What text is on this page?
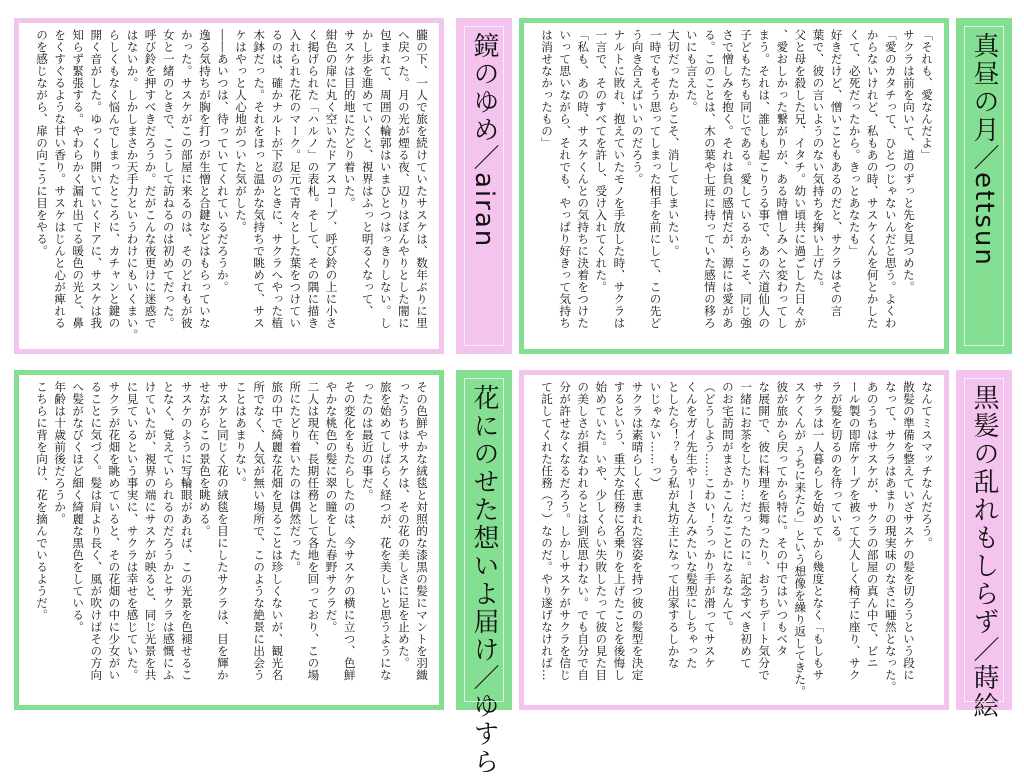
朧の下、一人で旅を続けていたサスケは、数年ぶりに里

へ戻った。月の光が煙る夜、辺りはぼんやりとした闇に

包まれて、周囲の輪郭はいまひとつはっきりしない。し

かし歩を進めていくと、視界はふっと明るくなって、

サスケは目的地にたどり着いた。

紺色の扉に丸く空いたドアスコープ、呼び鈴の上に小さ

く掲げられた「ハルノ」の表札。そして、その隅に描き

入れられた花のマーク。足元で青々とした葉をつけてい

るのは、確かナルトが下忍のときに、サクラへやった植

木鉢だった。それをほっと温かな気持ちで眺めて、サス

ケはやっと人心地がついた気がした。

――あいつは、待っていてくれているだろうか。

逸る気持ちが胸を打つが生憎と合鍵などはもらっていな

かった。サスケがこの部屋に来るのは、そのどれもが彼

女と一緒のときで、こうして訪ねるのは初めてだった。

呼び鈴を押すべきだろうか。だがこんな夜更けに迷惑で

はないか。しかしまさか天手力というわけにもいくまい。

らしくもなく悩んでしまったところに、カチャンと鍵の

開く音がした。ゆっくり開いていくドアに、サスケは我

知らず緊張する。やわらかく漏れ出てる暖色の光と、鼻

をくすぐるような甘い香り。サスケはじんと心が痺れる

のを感じながら、扉の向こうに目をやる。	鏡のゆめ／airan	「それも、愛なんだよ」

サクラは前を向いて、道のずっと先を見つめた。

「愛のカタチって、ひとつじゃないんだと思う。よくわ

からないけれど、私もあの時、サスケくんを何とかした

くて、必死だったから。きっとあなたも」

好きだけど、憎いこともあるのだと、サクラはその言

葉で、彼の言いようのない気持ちを掬い上げた。

父と母を殺した兄、イタチ。幼い頃共に過ごした日々が

、愛おしかった繋がりが、ある時憎しみへと変わってし

まう。それは、誰しも起こりうる事で、あの六道仙人の

子どもたちも同じである。愛しているからこそ、同じ強

さで憎しみを抱く。それは負の感情だが、源には愛があ

る。このことは、木の葉や七班に持っていた感情の移ろ

いにも言えた。

大切だったからこそ、消してしまいたい。

一時でもそう思ってしまった相手を前にして、この先ど

う向き合えばいいのだろう。

ナルトに敗れ、抱えていたモノを手放した時、サクラは

一言で、そのすべてを許し、受け入れてくれた。

「私も、あの時、サスケくんとの気持ちに決着をつけた

いって思いながら、それでも、やっぱり好きって気持ち

は消せなかったもの」	真昼の月／ettsun

その色鮮やかな絨毯と対照的な漆黒の髪にマントを羽織

ったうちはサスケは、その花の美しさに足を止めた。

旅を始めてしばらく経つが、花を美しいと思うようにな

ったのは最近の事だ。

その変化をもたらしたのは、今サスケの横に立つ、色鮮

やかな桃色の髪に翠の瞳をした春野サクラだ。

二人は現在、長期任務として各地を回っており、この場

所にたどり着いたのは偶然だった。

旅の中で綺麗な花畑を見ることは珍しくないが、観光名

所でなく、人気が無い場所で、このような絶景に出会う

ことはあまりない。

サスケと同じく花の絨毯を目にしたサクラは、目を輝か

せながらこの景色を眺める。

サスケのように写輪眼があれば、この光景を色褪せるこ

となく、覚えていられるのだろうかとサクラは感慨にふ

けていたが、視界の端にサスケが映ると、同じ光景を共

に見ているという事実に、サクラは幸せを感じていた。

サクラが花畑を眺めていると、その花畑の中に少女がい

ることに気づく。髪は肩より長く、風が吹けばその方向

へ髪がなびくほど細く綺麗な黒色をしている。

年齢は十歳前後だろうか。

こちらに背を向け、花を摘んでいるようだ。	花にのせた想いよ届け／ゆすら	なんてミスマッチなんだろう。

散髪の準備を整えていざサスケの髪を切ろうという段に

なって、サクラはあまりの現実味のなさに唖然となった。

あのうちはサスケが、サクラの部屋の真ん中で、ビニ

ール製の即席ケープを被って大人しく椅子に座り、サク

ラが髪を切るのを待っている。

サクラは一人暮らしを始めてから幾度となく「もしもサ

スケくんが うちに来たら」という想像を繰り返してきた。

彼が旅から戻ってから特に。その中ではいつもベタ

な展開で、彼に料理を振舞ったり、おうちデート気分で

一緒にお茶をしたり…だったのに。記念すべき初めて

のお宅訪問がまさかこんなことになるなんて。

（どうしよう……こわい！うっかり手が滑ってサスケ

くんをガイ先生やリーさんみたいな髪型にしちゃった

としたら！？もう私が丸坊主になって出家するしかな

いじゃない……っ）

サクラは素晴らしく恵まれた容姿を持つ彼の髪型を決定

するという、重大な任務に名乗りを上げたことを後悔し

始めていた。いや、少しくらい失敗したって彼の見た目

の美しさが損なわれるとは到底思わない。でも自分で自

分が許せなくなるだろう。しかしサスケがサクラを信じ

て託してくれた任務（？）なのだ。やり遂げなければ…	黒髪の乱れもしらず／蒔絵
